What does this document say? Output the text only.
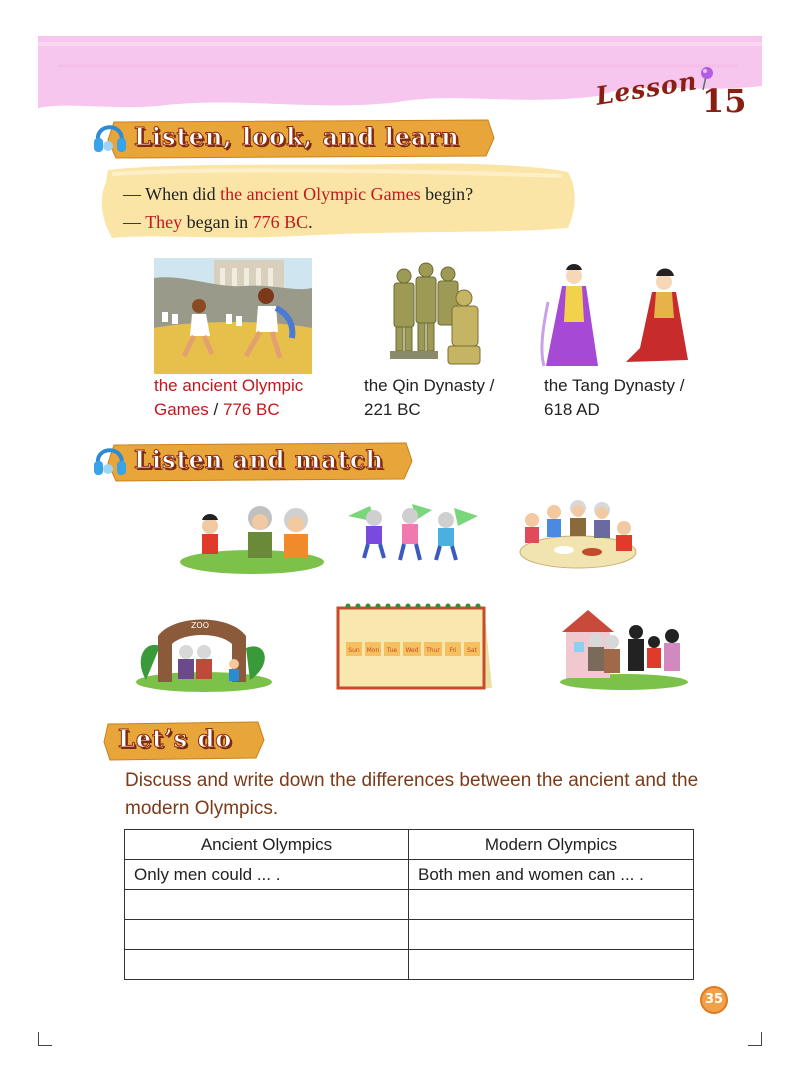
Lesson 15
Listen, look, and learn
— When did the ancient Olympic Games begin?
— They began in 776 BC.
the ancient Olympic
Games / 776 BC
the Qin Dynasty /
221 BC
the Tang Dynasty /
618 AD
Listen and match
ZOO
Sun Mon Tue Wed Thur Fri Sat
Let’s do
Discuss and write down the differences between the ancient and the modern Olympics.
Ancient Olympics	Modern Olympics
Only men could ... .	Both men and women can ... .

35
